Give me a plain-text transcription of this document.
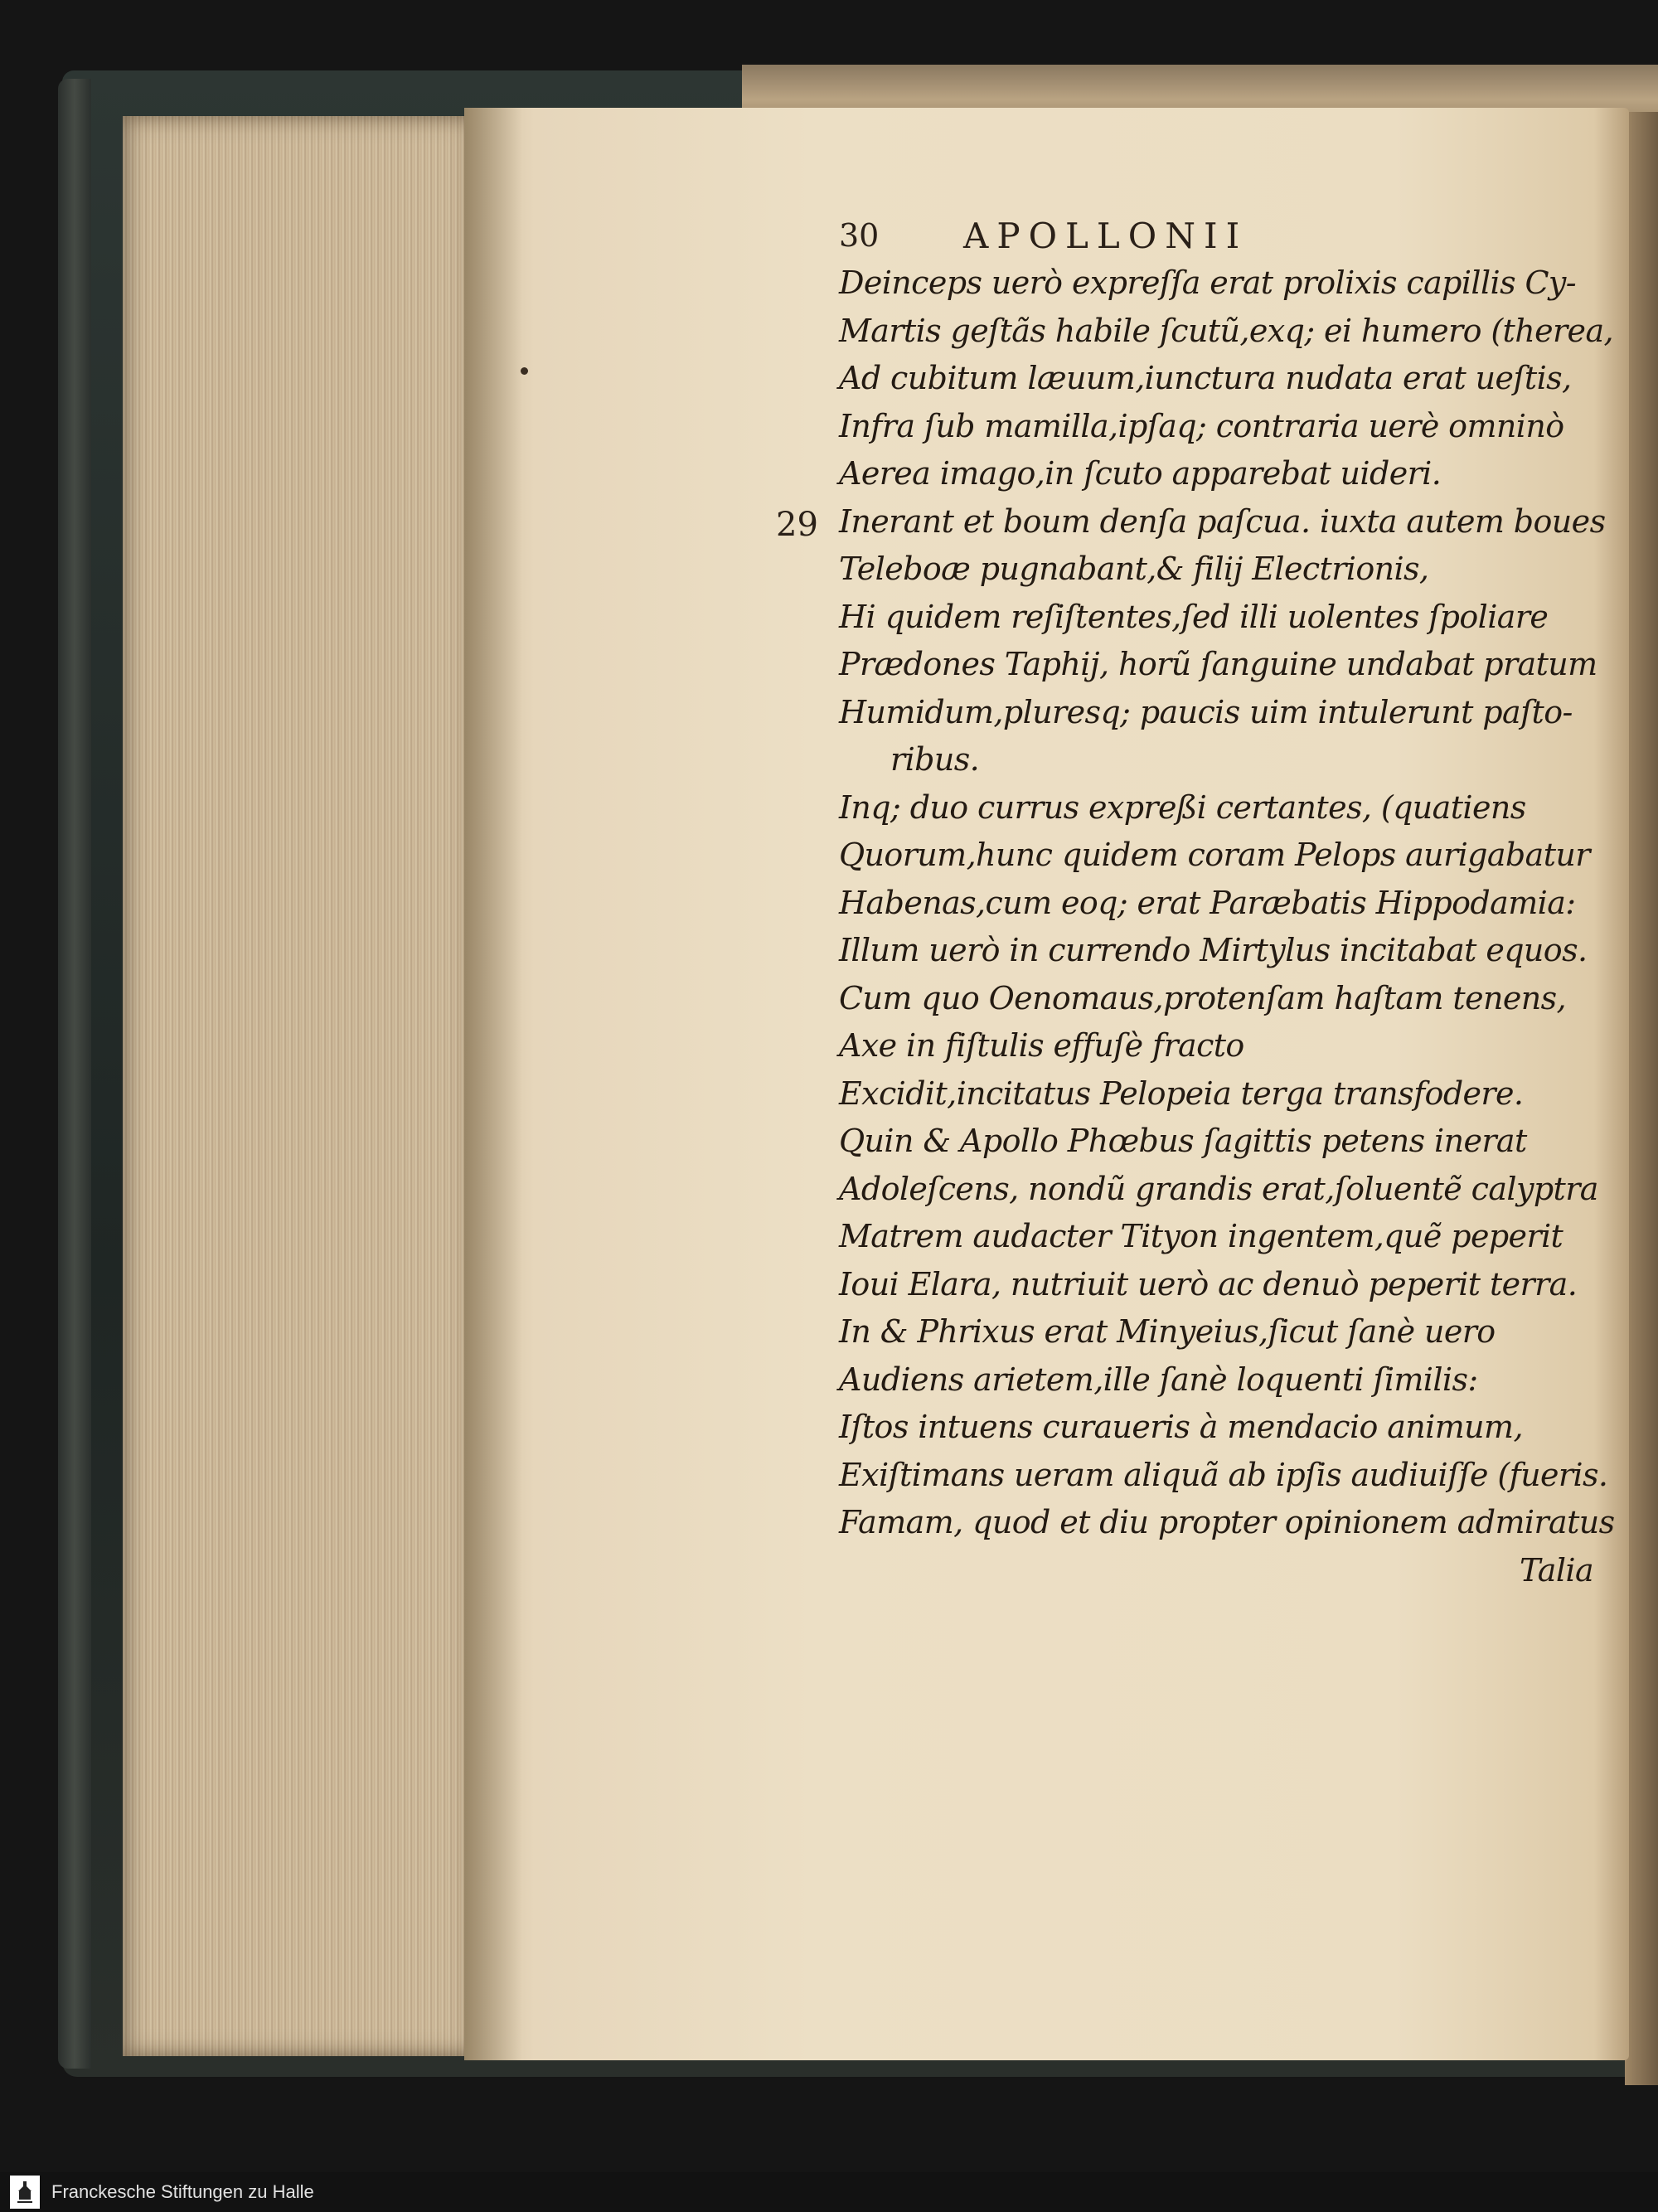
29
30	APOLLONII
Deinceps uerò expreſſa erat prolixis capillis Cy-
Martis geſtãs habile ſcutũ,exq; ei humero (therea,
Ad cubitum læuum,iunctura nudata erat ueſtis,
Infra ſub mamilla,ipſaq; contraria uerè omninò
Aerea imago,in ſcuto apparebat uideri.
Inerant et boum denſa paſcua. iuxta autem boues
Teleboæ pugnabant,& filij Electrionis,
Hi quidem reſiſtentes,ſed illi uolentes ſpoliare
Prædones Taphij, horũ ſanguine undabat pratum
Humidum,pluresq; paucis uim intulerunt paſto-
ribus.
Inq; duo currus expreßi certantes, (quatiens
Quorum,hunc quidem coram Pelops aurigabatur
Habenas,cum eoq; erat Paræbatis Hippodamia:
Illum uerò in currendo Mirtylus incitabat equos.
Cum quo Oenomaus,protenſam haſtam tenens,
Axe in fiſtulis effuſè fracto
Excidit,incitatus Pelopeia terga transfodere.
Quin & Apollo Phœbus ſagittis petens inerat
Adoleſcens, nondũ grandis erat,ſoluentẽ calyptra
Matrem audacter Tityon ingentem,quẽ peperit
Ioui Elara, nutriuit uerò ac denuò peperit terra.
In & Phrixus erat Minyeius,ſicut ſanè uero
Audiens arietem,ille ſanè loquenti ſimilis:
Iſtos intuens curaueris à mendacio animum,
Exiſtimans ueram aliquã ab ipſis audiuiſſe (fueris.
Famam, quod et diu propter opinionem admiratus
Talia
Franckesche Stiftungen zu Halle
